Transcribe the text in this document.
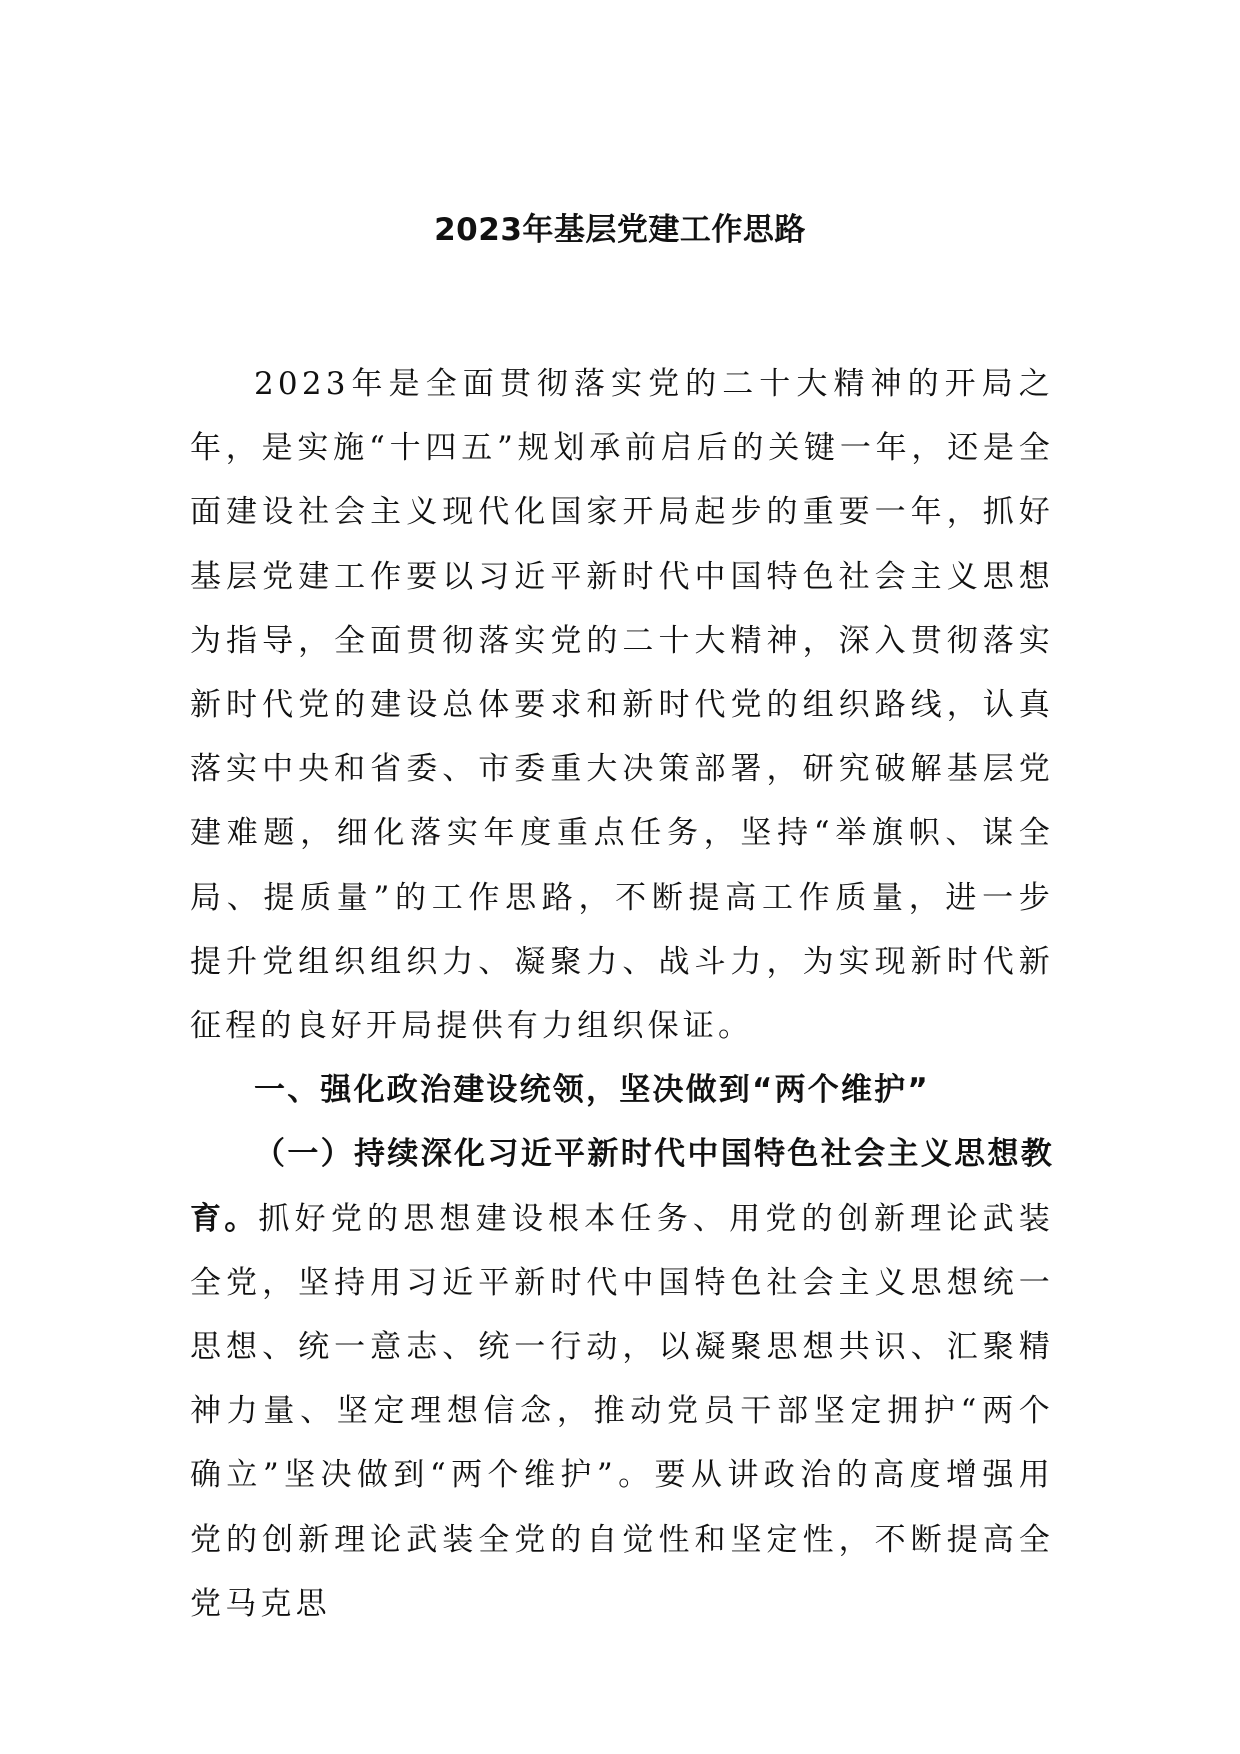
2023年基层党建工作思路

2023年是全面贯彻落实党的二十大精神的开局之年，是实施“十四五”规划承前启后的关键一年，还是全面建设社会主义现代化国家开局起步的重要一年，抓好基层党建工作要以习近平新时代中国特色社会主义思想为指导，全面贯彻落实党的二十大精神，深入贯彻落实新时代党的建设总体要求和新时代党的组织路线，认真落实中央和省委、市委重大决策部署，研究破解基层党建难题，细化落实年度重点任务，坚持“举旗帜、谋全局、提质量”的工作思路，不断提高工作质量，进一步提升党组织组织力、凝聚力、战斗力，为实现新时代新征程的良好开局提供有力组织保证。

一、强化政治建设统领，坚决做到“两个维护”

（一）持续深化习近平新时代中国特色社会主义思想教育。抓好党的思想建设根本任务、用党的创新理论武装全党，坚持用习近平新时代中国特色社会主义思想统一思想、统一意志、统一行动，以凝聚思想共识、汇聚精神力量、坚定理想信念，推动党员干部坚定拥护“两个确立”坚决做到“两个维护”。要从讲政治的高度增强用党的创新理论武装全党的自觉性和坚定性，不断提高全党马克思
